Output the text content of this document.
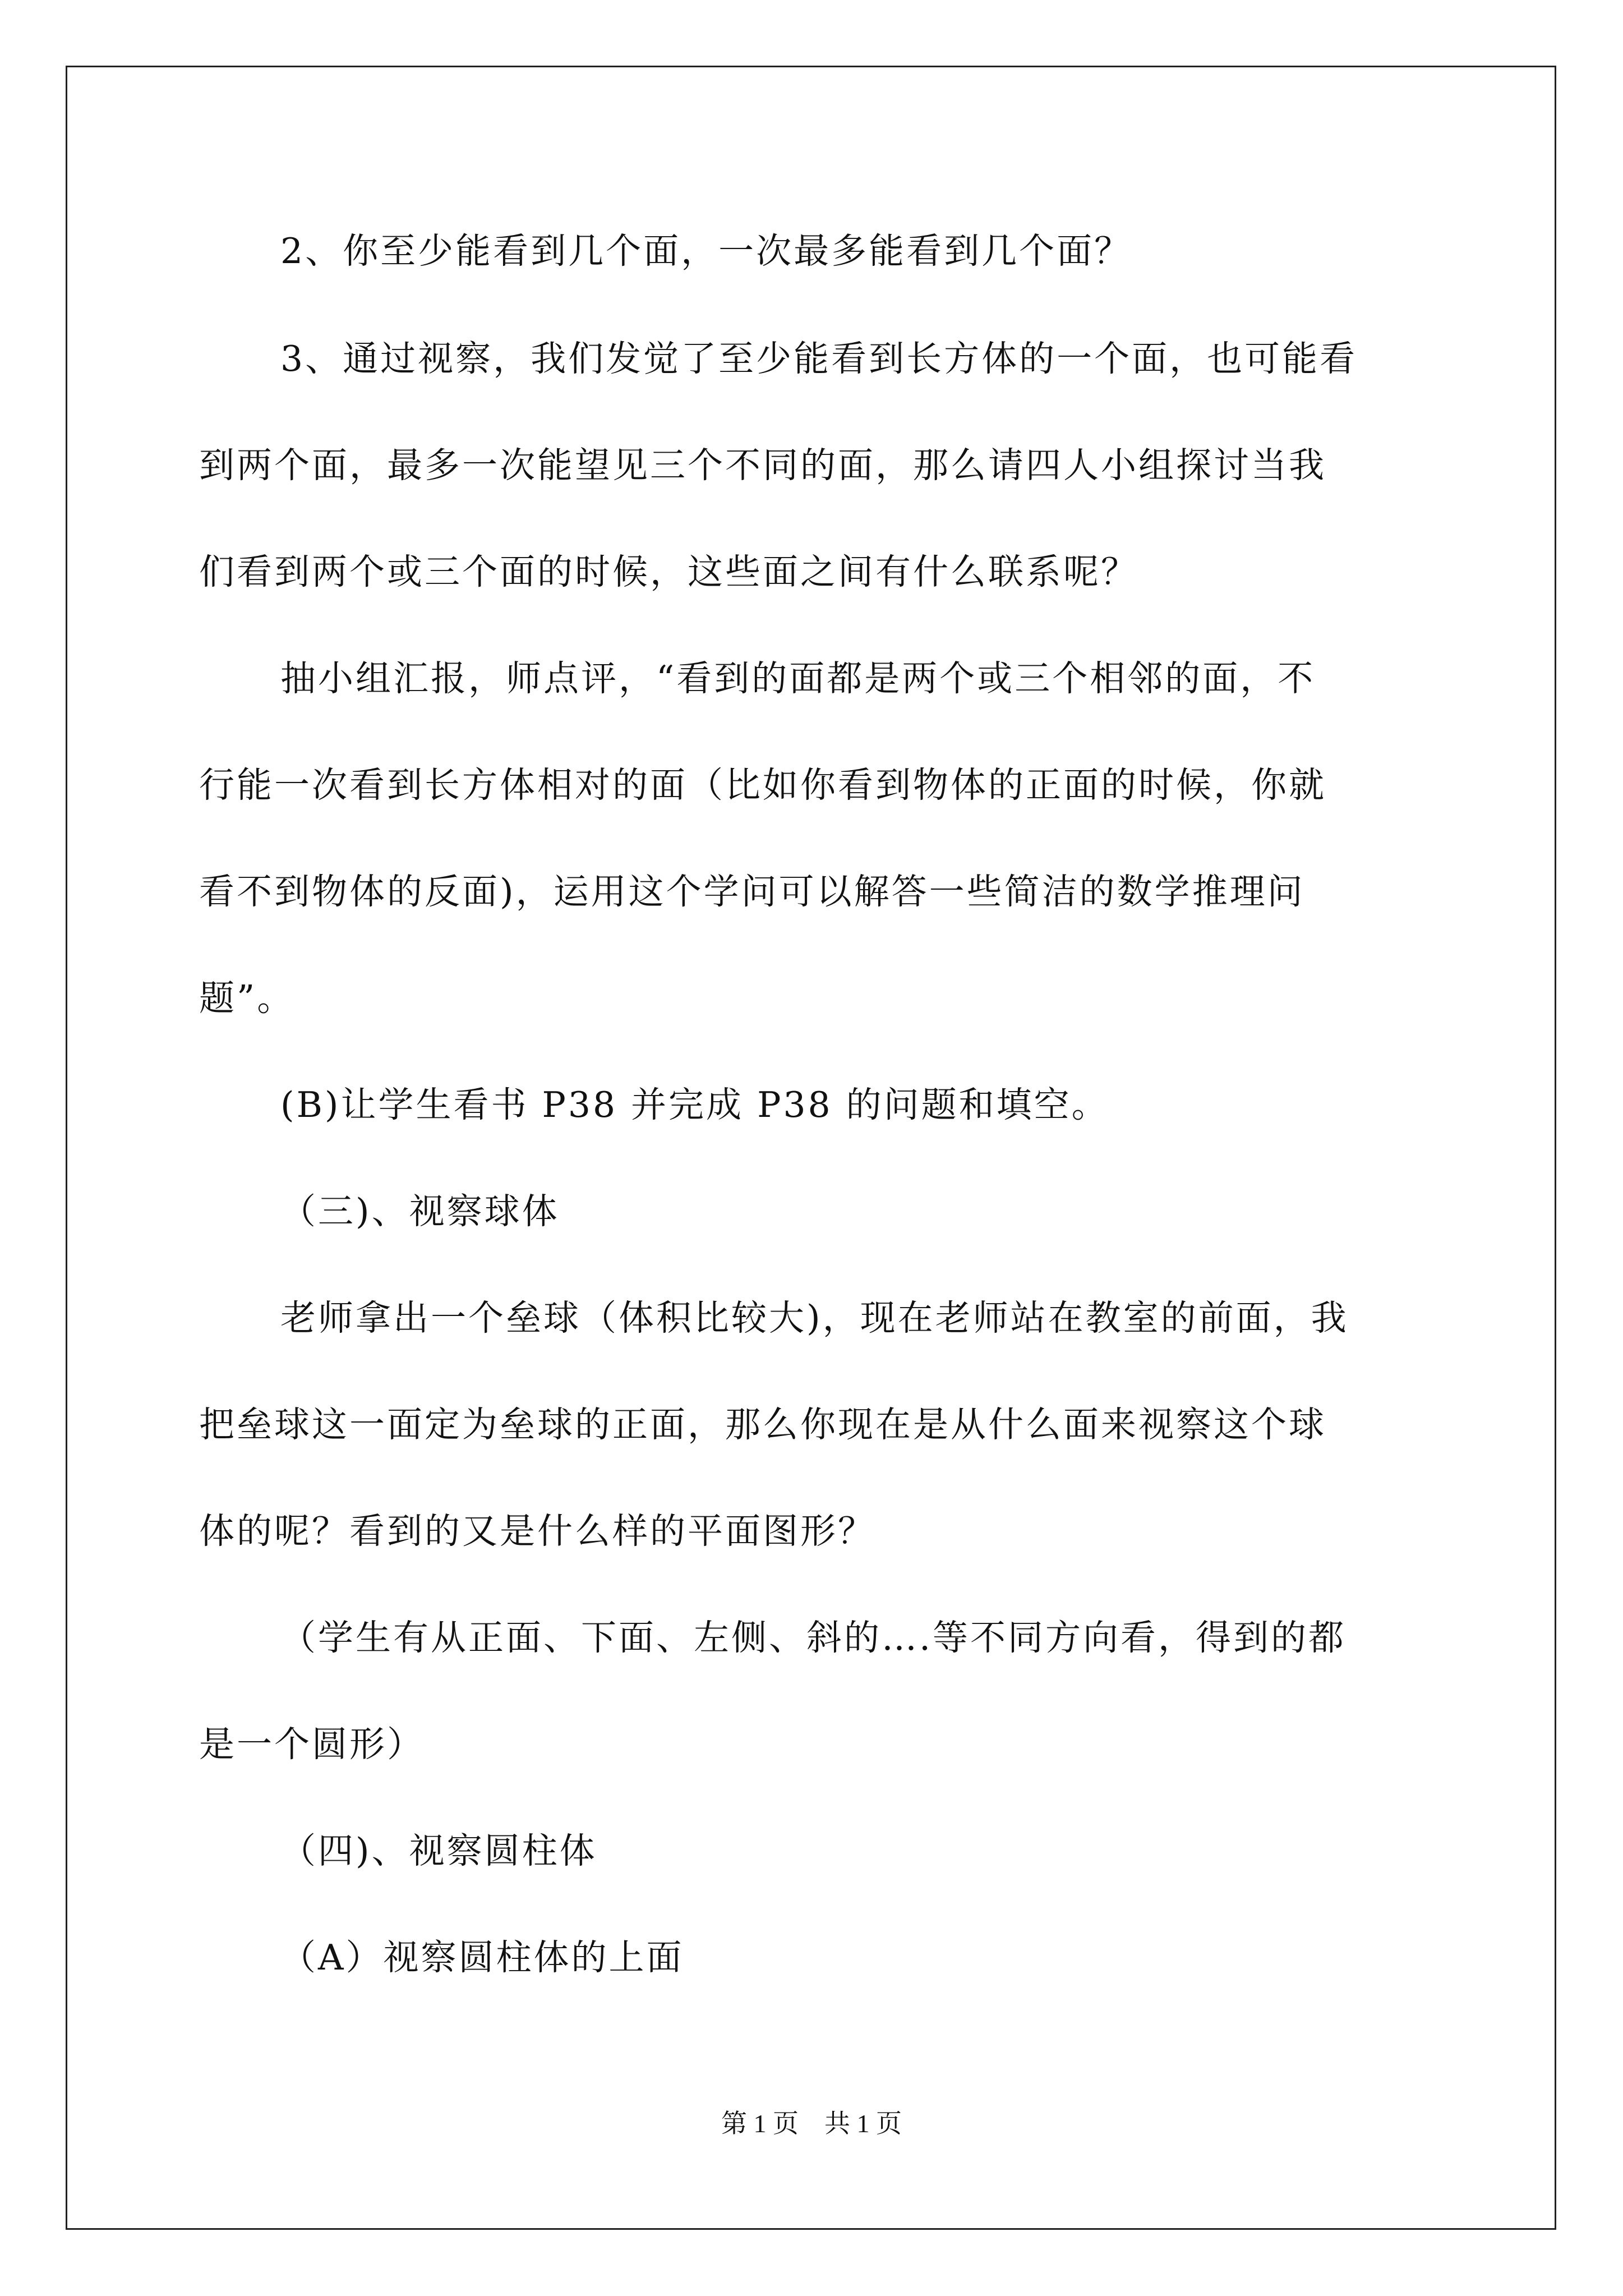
2、你至少能看到几个面，一次最多能看到几个面？
3、通过视察，我们发觉了至少能看到长方体的一个面，也可能看
到两个面，最多一次能望见三个不同的面，那么请四人小组探讨当我
们看到两个或三个面的时候，这些面之间有什么联系呢？
抽小组汇报，师点评，“看到的面都是两个或三个相邻的面，不
行能一次看到长方体相对的面（比如你看到物体的正面的时候，你就
看不到物体的反面)，运用这个学问可以解答一些简洁的数学推理问
题”。
(B)让学生看书 P38 并完成 P38 的问题和填空。
（三)、视察球体
老师拿出一个垒球（体积比较大)，现在老师站在教室的前面，我
把垒球这一面定为垒球的正面，那么你现在是从什么面来视察这个球
体的呢？看到的又是什么样的平面图形？
（学生有从正面、下面、左侧、斜的….等不同方向看，得到的都
是一个圆形）
（四)、视察圆柱体
（A）视察圆柱体的上面
第 1 页　共 1 页
